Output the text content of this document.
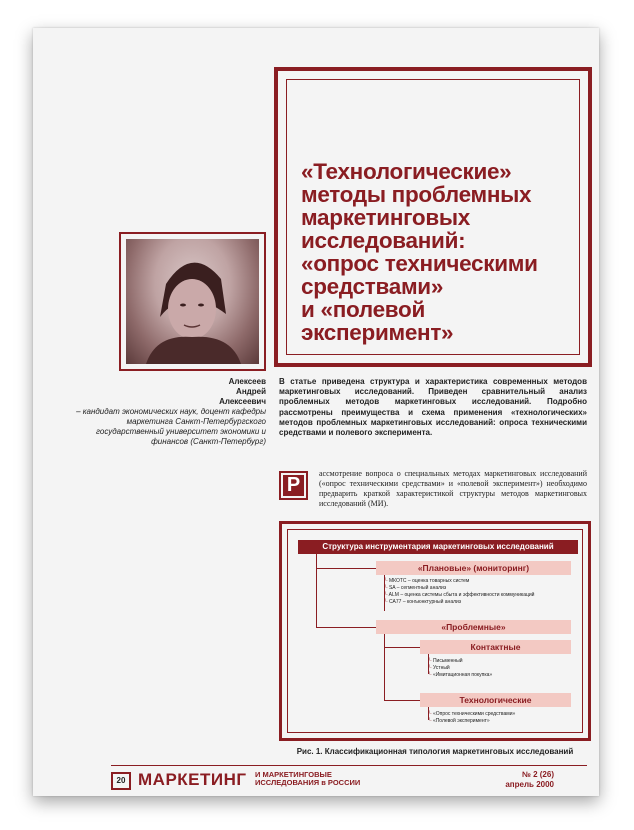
«Технологические»
методы проблемных
маркетинговых
исследований:
«опрос техническими
средствами»
и «полевой
эксперимент»
Алексеев
Андрей
Алексеевич
– кандидат экономических наук, доцент кафедры маркетинга Санкт-Петербургского государственный университет экономики и финансов (Санкт-Петербург)
В статье приведена структура и характеристика современных методов маркетинговых исследований. Приведен сравнительный анализ проблемных методов маркетинговых исследований. Подробно рассмотрены преимущества и схема применения «технологических» методов проблемных маркетинговых исследований: опроса техническими средствами и полевого эксперимента.
Р
ассмотрение вопроса о специальных методах маркетинговых исследований («опрос техническими средствами» и «полевой эксперимент») необходимо предварить краткой характеристикой структуры методов маркетинговых исследований (МИ).
Структура инструментария маркетинговых исследований
«Плановые» (мониторинг)
└ МКОТС – оценка товарных систем
└ SA – сегментный анализ
└ ALM – оценка системы сбыта и эффективности коммуникаций
└ CA77 – конъюнктурный анализ
«Проблемные»
Контактные
└ Письменный
└ Устный
└ «Имитационная покупка»
Технологические
└ «Опрос техническими средствами»
└ «Полевой эксперимент»
Рис. 1. Классификационная типология маркетинговых исследований
20 МАРКЕТИНГ И МАРКЕТИНГОВЫЕ
ИССЛЕДОВАНИЯ в РОССИИ
№ 2 (26)
апрель 2000
